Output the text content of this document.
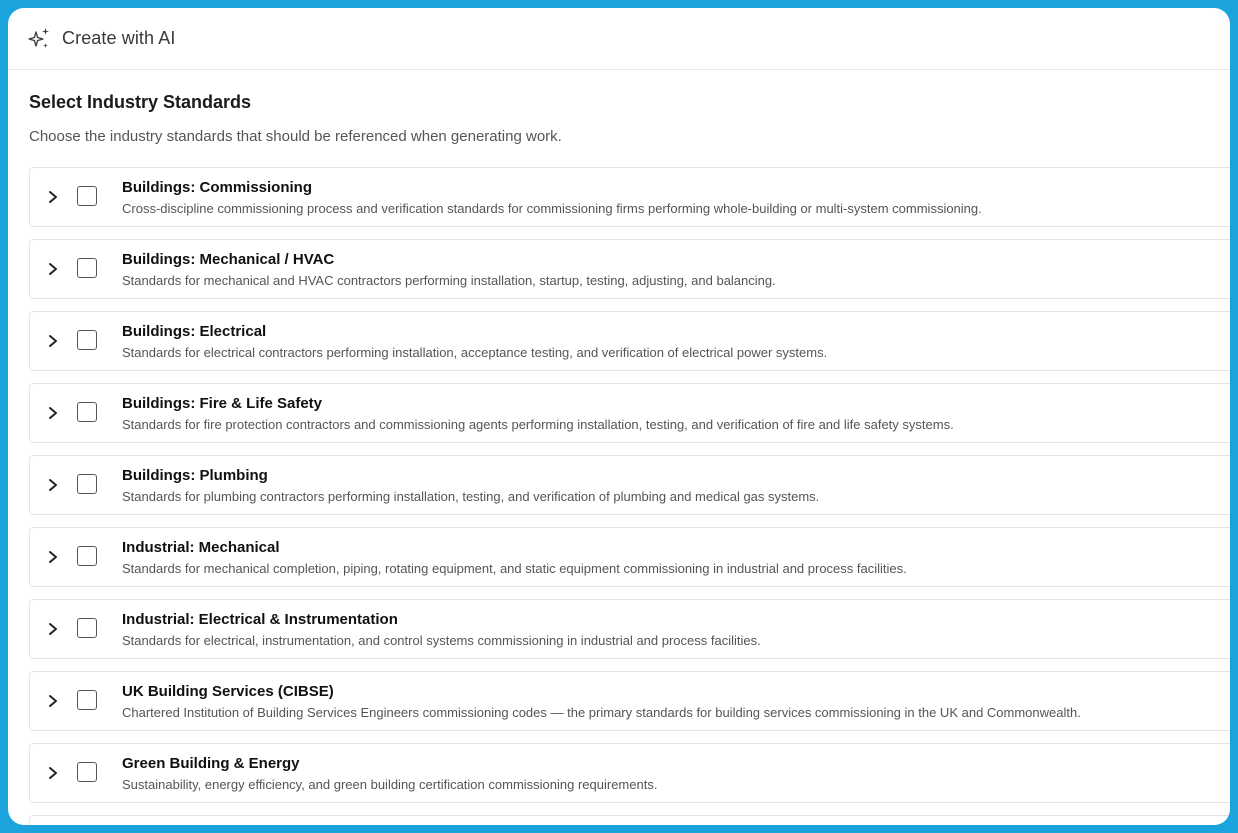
Create with AI
Select Industry Standards
Choose the industry standards that should be referenced when generating work.
Buildings: Commissioning
Cross-discipline commissioning process and verification standards for commissioning firms performing whole-building or multi-system commissioning.
Buildings: Mechanical / HVAC
Standards for mechanical and HVAC contractors performing installation, startup, testing, adjusting, and balancing.
Buildings: Electrical
Standards for electrical contractors performing installation, acceptance testing, and verification of electrical power systems.
Buildings: Fire & Life Safety
Standards for fire protection contractors and commissioning agents performing installation, testing, and verification of fire and life safety systems.
Buildings: Plumbing
Standards for plumbing contractors performing installation, testing, and verification of plumbing and medical gas systems.
Industrial: Mechanical
Standards for mechanical completion, piping, rotating equipment, and static equipment commissioning in industrial and process facilities.
Industrial: Electrical & Instrumentation
Standards for electrical, instrumentation, and control systems commissioning in industrial and process facilities.
UK Building Services (CIBSE)
Chartered Institution of Building Services Engineers commissioning codes — the primary standards for building services commissioning in the UK and Commonwealth.
Green Building & Energy
Sustainability, energy efficiency, and green building certification commissioning requirements.
